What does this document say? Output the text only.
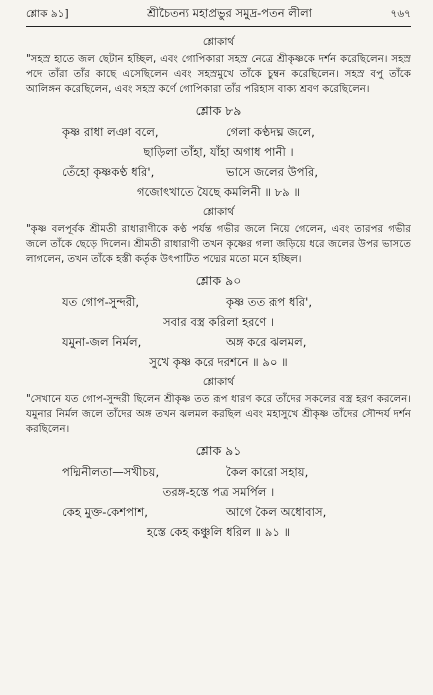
শ্লোক ৯১]	শ্রীচৈতন্য মহাপ্রভুর সমুদ্র-পতন লীলা	৭৬৭
শ্লোকার্থ

"সহস্র হাতে জল ছেটান হচ্ছিল, এবং গোপিকারা সহস্র নেত্রে শ্রীকৃষ্ণকে দর্শন করেছিলেন। সহস্র পদে তাঁরা তাঁর কাছে এসেছিলেন এবং সহস্রমুখে তাঁকে চুম্বন করেছিলেন। সহস্র বপু তাঁকে আলিঙ্গন করেছিলেন, এবং সহস্র কর্ণে গোপিকারা তাঁর পরিহাস বাক্য শ্রবণ করেছিলেন।

শ্লোক ৮৯
কৃষ্ণ রাধা লঞা বলে,	গেলা কণ্ঠদঘ্ন জলে,
ছাড়িলা তাঁহা, যাঁহা অগাধ পানী ।
তেঁহো কৃষ্ণকণ্ঠ ধরি',	ভাসে জলের উপরি,
গজোৎখাতে যৈছে কমলিনী ॥ ৮৯ ॥
শ্লোকার্থ

"কৃষ্ণ বলপূর্বক শ্রীমতী রাধারাণীকে কণ্ঠ পর্যন্ত গভীর জলে নিয়ে গেলেন, এবং তারপর গভীর জলে তাঁকে ছেড়ে দিলেন। শ্রীমতী রাধারাণী তখন কৃষ্ণের গলা জড়িয়ে ধরে জলের উপর ভাসতে লাগলেন, তখন তাঁকে হস্তী কর্তৃক উৎপাটিত পদ্মের মতো মনে হচ্ছিল।

শ্লোক ৯০
যত গোপ-সুন্দরী,	কৃষ্ণ তত রূপ ধরি',
সবার বস্ত্র করিলা হরণে ।
যমুনা-জল নির্মল,	অঙ্গ করে ঝলমল,
সুখে কৃষ্ণ করে দরশনে ॥ ৯০ ॥
শ্লোকার্থ

"সেখানে যত গোপ-সুন্দরী ছিলেন শ্রীকৃষ্ণ তত রূপ ধারণ করে তাঁদের সকলের বস্ত্র হরণ করলেন। যমুনার নির্মল জলে তাঁদের অঙ্গ তখন ঝলমল করছিল এবং মহাসুখে শ্রীকৃষ্ণ তাঁদের সৌন্দর্য দর্শন করছিলেন।

শ্লোক ৯১
পদ্মিনীলতা—সখীচয়,	কৈল কারো সহায়,
তরঙ্গ-হস্তে পত্র সমর্পিল ।
কেহ মুক্ত-কেশপাশ,	আগে কৈল অধোবাস,
হস্তে কেহ কঞ্চুলি ধরিল ॥ ৯১ ॥
